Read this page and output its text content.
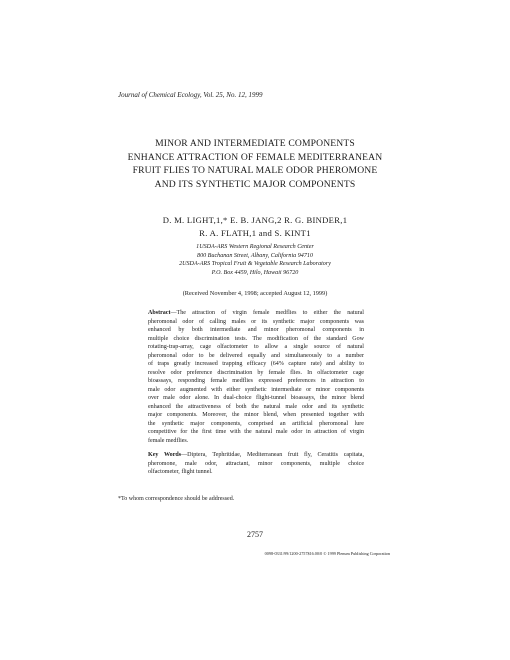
Journal of Chemical Ecology, Vol. 25, No. 12, 1999
MINOR AND INTERMEDIATE COMPONENTS
ENHANCE ATTRACTION OF FEMALE MEDITERRANEAN
FRUIT FLIES TO NATURAL MALE ODOR PHEROMONE
AND ITS SYNTHETIC MAJOR COMPONENTS
D. M. LIGHT,1,* E. B. JANG,2 R. G. BINDER,1
R. A. FLATH,1 and S. KINT1
1USDA-ARS Western Regional Research Center
800 Buchanan Street, Albany, California 94710
2USDA-ARS Tropical Fruit & Vegetable Research Laboratory
P.O. Box 4459, Hilo, Hawaii 96720
(Received November 4, 1998; accepted August 12, 1999)
Abstract—The attraction of virgin female medflies to either the natural
pheromonal odor of calling males or its synthetic major components was
enhanced by both intermediate and minor pheromonal components in
multiple choice discrimination tests. The modification of the standard Gow
rotating-trap-array, cage olfactometer to allow a single source of natural
pheromonal odor to be delivered equally and simultaneously to a number
of traps greatly increased trapping efficacy (64% capture rate) and ability to
resolve odor preference discrimination by female flies. In olfactometer cage
bioassays, responding female medflies expressed preferences in attraction to
male odor augmented with either synthetic intermediate or minor components
over male odor alone. In dual-choice flight-tunnel bioassays, the minor blend
enhanced the attractiveness of both the natural male odor and its synthetic
major components. Moreover, the minor blend, when presented together with
the synthetic major components, comprised an artificial pheromonal lure
competitive for the first time with the natural male odor in attraction of virgin
female medflies.
Key Words—Diptera, Tephritidae, Mediterranean fruit fly, Ceratitis capitata,
pheromone, male odor, attractant, minor components, multiple choice
olfactometer, flight tunnel.
*To whom correspondence should be addressed.
2757
0098-0331/99/1200-2757$16.00/0 © 1999 Plenum Publishing Corporation
